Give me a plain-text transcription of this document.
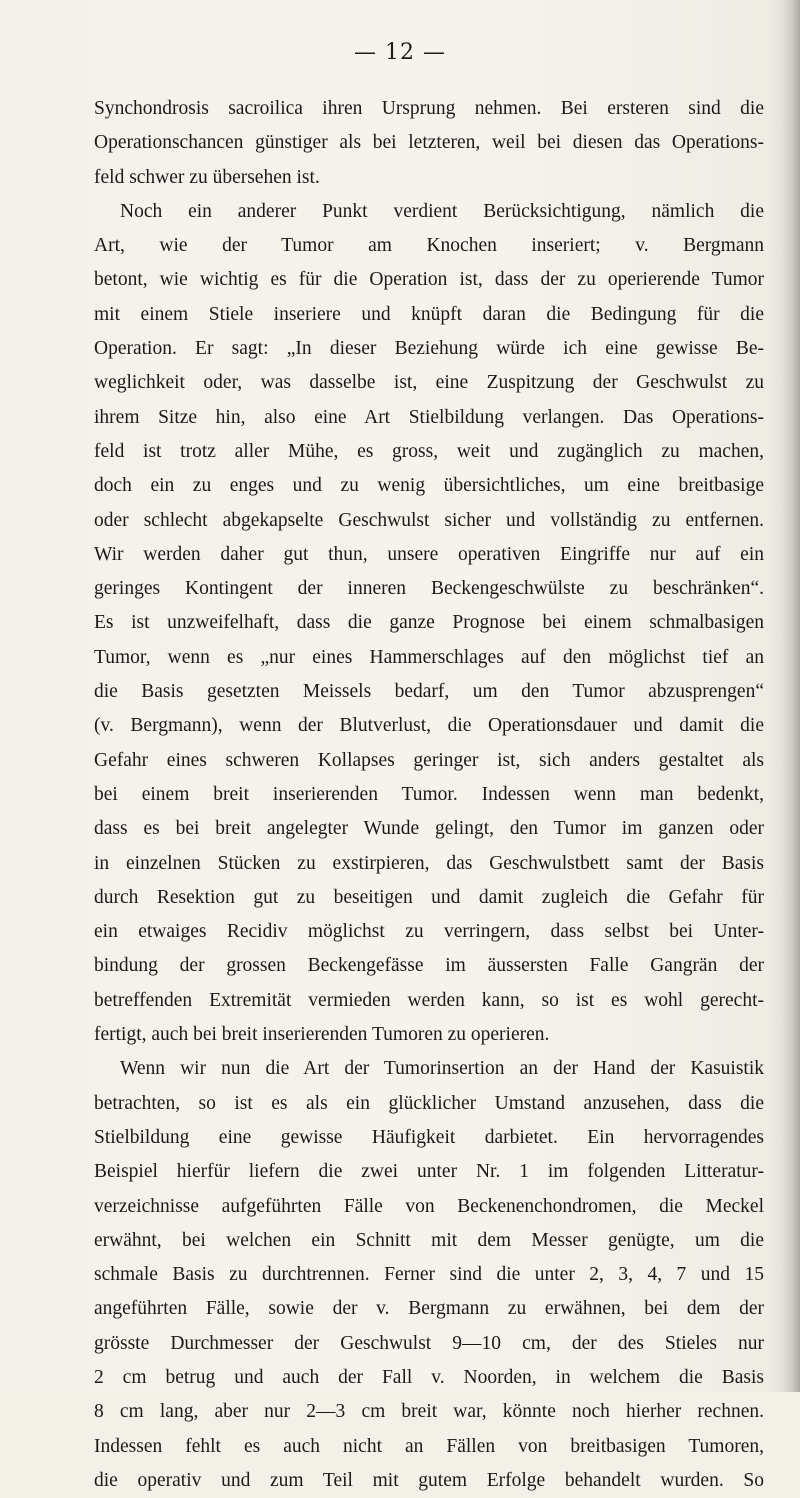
— 12 —
Synchondrosis sacroilica ihren Ursprung nehmen. Bei ersteren sind die
Operationschancen günstiger als bei letzteren, weil bei diesen das Operations-
feld schwer zu übersehen ist.
Noch ein anderer Punkt verdient Berücksichtigung, nämlich die
Art, wie der Tumor am Knochen inseriert; v. Bergmann
betont, wie wichtig es für die Operation ist, dass der zu operierende Tumor
mit einem Stiele inseriere und knüpft daran die Bedingung für die
Operation. Er sagt: „In dieser Beziehung würde ich eine gewisse Be-
weglichkeit oder, was dasselbe ist, eine Zuspitzung der Geschwulst zu
ihrem Sitze hin, also eine Art Stielbildung verlangen. Das Operations-
feld ist trotz aller Mühe, es gross, weit und zugänglich zu machen,
doch ein zu enges und zu wenig übersichtliches, um eine breitbasige
oder schlecht abgekapselte Geschwulst sicher und vollständig zu entfernen.
Wir werden daher gut thun, unsere operativen Eingriffe nur auf ein
geringes Kontingent der inneren Beckengeschwülste zu beschränken“.
Es ist unzweifelhaft, dass die ganze Prognose bei einem schmalbasigen
Tumor, wenn es „nur eines Hammerschlages auf den möglichst tief an
die Basis gesetzten Meissels bedarf, um den Tumor abzusprengen“
(v. Bergmann), wenn der Blutverlust, die Operationsdauer und damit die
Gefahr eines schweren Kollapses geringer ist, sich anders gestaltet als
bei einem breit inserierenden Tumor. Indessen wenn man bedenkt,
dass es bei breit angelegter Wunde gelingt, den Tumor im ganzen oder
in einzelnen Stücken zu exstirpieren, das Geschwulstbett samt der Basis
durch Resektion gut zu beseitigen und damit zugleich die Gefahr für
ein etwaiges Recidiv möglichst zu verringern, dass selbst bei Unter-
bindung der grossen Beckengefässe im äussersten Falle Gangrän der
betreffenden Extremität vermieden werden kann, so ist es wohl gerecht-
fertigt, auch bei breit inserierenden Tumoren zu operieren.
Wenn wir nun die Art der Tumorinsertion an der Hand der Kasuistik
betrachten, so ist es als ein glücklicher Umstand anzusehen, dass die
Stielbildung eine gewisse Häufigkeit darbietet. Ein hervorragendes
Beispiel hierfür liefern die zwei unter Nr. 1 im folgenden Litteratur-
verzeichnisse aufgeführten Fälle von Beckenenchondromen, die Meckel
erwähnt, bei welchen ein Schnitt mit dem Messer genügte, um die
schmale Basis zu durchtrennen. Ferner sind die unter 2, 3, 4, 7 und 15
angeführten Fälle, sowie der v. Bergmann zu erwähnen, bei dem der
grösste Durchmesser der Geschwulst 9—10 cm, der des Stieles nur
2 cm betrug und auch der Fall v. Noorden, in welchem die Basis
8 cm lang, aber nur 2—3 cm breit war, könnte noch hierher rechnen.
Indessen fehlt es auch nicht an Fällen von breitbasigen Tumoren,
die operativ und zum Teil mit gutem Erfolge behandelt wurden. So
